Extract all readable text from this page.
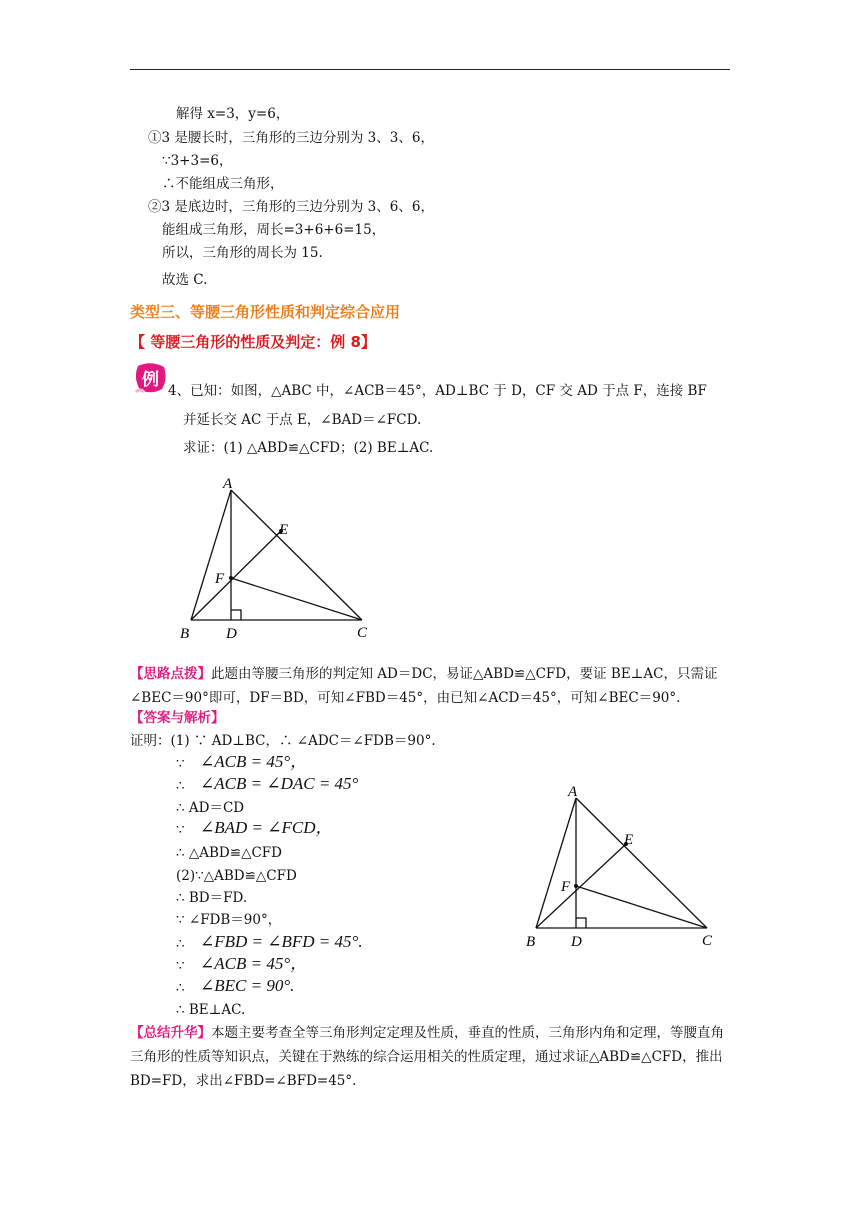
解得 x=3，y=6，
①3 是腰长时，三角形的三边分别为 3、3、6，
∵3+3=6，
∴不能组成三角形，
②3 是底边时，三角形的三边分别为 3、6、6，
能组成三角形，周长=3+6+6=15，
所以，三角形的周长为 15.
故选 C.
类型三、等腰三角形性质和判定综合应用
【 等腰三角形的性质及判定：例 8】
例
4、已知：如图，△ABC 中，∠ACB＝45°，AD⊥BC 于 D，CF 交 AD 于点 F，连接 BF
并延长交 AC 于点 E，∠BAD＝∠FCD.
求证：(1) △ABD≌△CFD；(2) BE⊥AC.
A
E
F
B D	C
【思路点拨】此题由等腰三角形的判定知 AD＝DC，易证△ABD≌△CFD，要证 BE⊥AC，只需证∠BEC＝90°即可，DF＝BD，可知∠FBD＝45°，由已知∠ACD＝45°，可知∠BEC＝90°.
【答案与解析】
证明：(1) ∵ AD⊥BC，∴ ∠ADC＝∠FDB＝90°.
∵ ∠ACB = 45°，
∴ ∠ACB = ∠DAC = 45°
∴ AD＝CD
∵ ∠BAD = ∠FCD，
∴ △ABD≌△CFD
(2)∵△ABD≌△CFD
∴ BD＝FD.
∵ ∠FDB＝90°，
∴ ∠FBD = ∠BFD = 45°.
∵ ∠ACB = 45°，
∴ ∠BEC = 90°.
∴ BE⊥AC.
A
E
F
B D	C
【总结升华】本题主要考查全等三角形判定定理及性质，垂直的性质，三角形内角和定理，等腰直角三角形的性质等知识点，关键在于熟练的综合运用相关的性质定理，通过求证△ABD≌△CFD，推出 BD=FD，求出∠FBD=∠BFD=45°.
